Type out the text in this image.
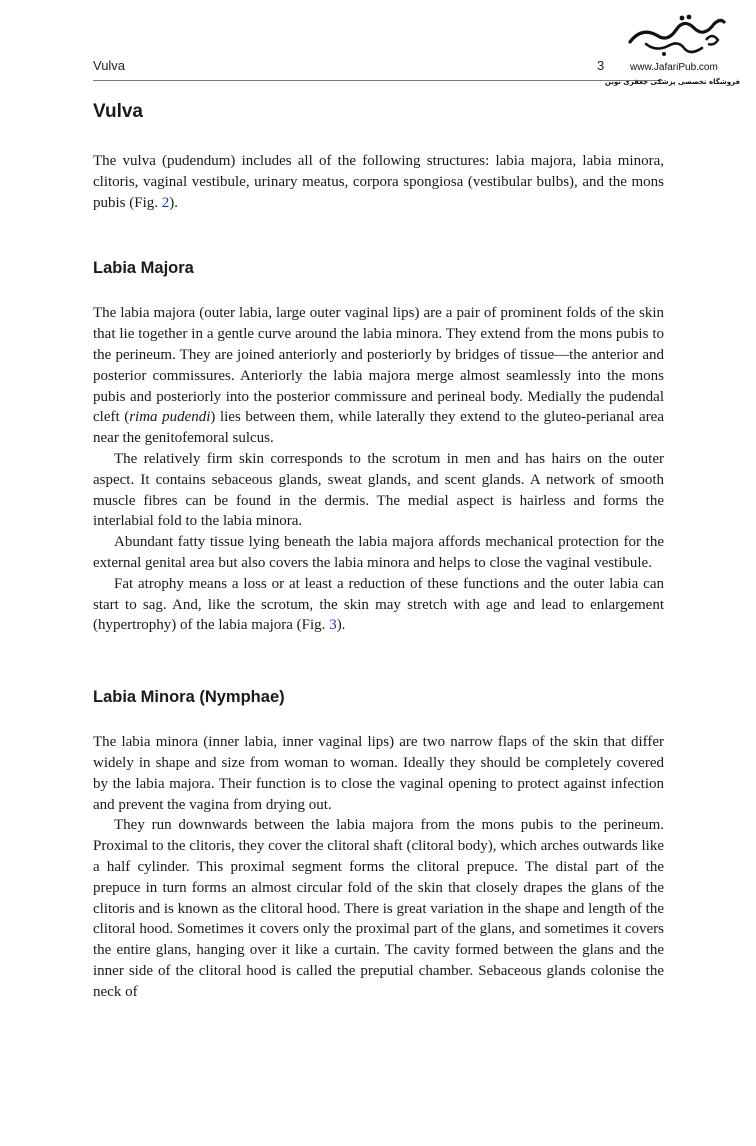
Vulva	3	www.JafariPub.com
فروشگاه تخصصی پزشکی جعفری نوین
Vulva

The vulva (pudendum) includes all of the following structures: labia majora, labia minora, clitoris, vaginal vestibule, urinary meatus, corpora spongiosa (vestibular bulbs), and the mons pubis (Fig. 2).

Labia Majora

The labia majora (outer labia, large outer vaginal lips) are a pair of prominent folds of the skin that lie together in a gentle curve around the labia minora. They extend from the mons pubis to the perineum. They are joined anteriorly and posteriorly by bridges of tissue—the anterior and posterior commissures. Anteriorly the labia majora merge almost seamlessly into the mons pubis and posteriorly into the posterior commissure and perineal body. Medially the pudendal cleft (rima pudendi) lies between them, while laterally they extend to the gluteo-perianal area near the genitofemoral sulcus.

The relatively firm skin corresponds to the scrotum in men and has hairs on the outer aspect. It contains sebaceous glands, sweat glands, and scent glands. A network of smooth muscle fibres can be found in the dermis. The medial aspect is hairless and forms the interlabial fold to the labia minora.

Abundant fatty tissue lying beneath the labia majora affords mechanical protection for the external genital area but also covers the labia minora and helps to close the vaginal vestibule.

Fat atrophy means a loss or at least a reduction of these functions and the outer labia can start to sag. And, like the scrotum, the skin may stretch with age and lead to enlargement (hypertrophy) of the labia majora (Fig. 3).

Labia Minora (Nymphae)

The labia minora (inner labia, inner vaginal lips) are two narrow flaps of the skin that differ widely in shape and size from woman to woman. Ideally they should be completely covered by the labia majora. Their function is to close the vaginal opening to protect against infection and prevent the vagina from drying out.

They run downwards between the labia majora from the mons pubis to the perineum. Proximal to the clitoris, they cover the clitoral shaft (clitoral body), which arches outwards like a half cylinder. This proximal segment forms the clitoral prepuce. The distal part of the prepuce in turn forms an almost circular fold of the skin that closely drapes the glans of the clitoris and is known as the clitoral hood. There is great variation in the shape and length of the clitoral hood. Sometimes it covers only the proximal part of the glans, and sometimes it covers the entire glans, hanging over it like a curtain. The cavity formed between the glans and the inner side of the clitoral hood is called the preputial chamber. Sebaceous glands colonise the neck of
